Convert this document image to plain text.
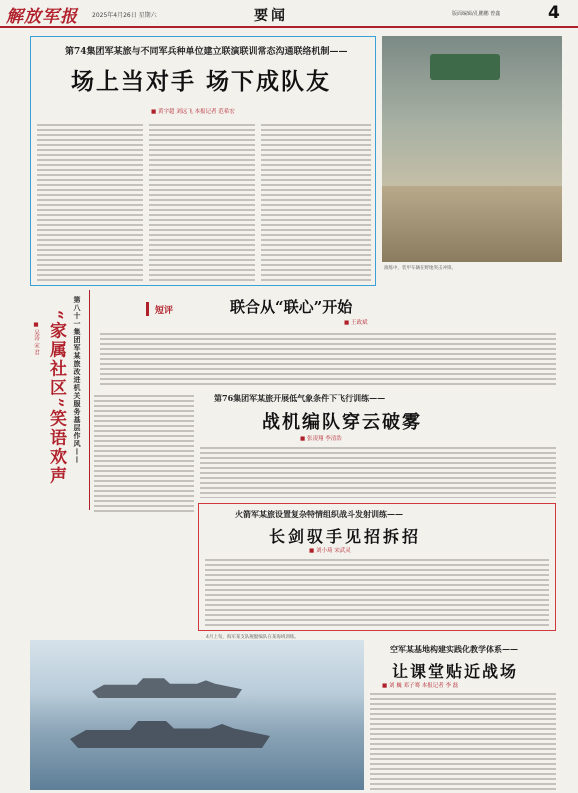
解放军报 2025年4月26日 星期六	要闻	版面编辑/孔鹏鹏 曾鑫	4
第74集团军某旅与不同军兵种单位建立联演联训常态沟通联络机制——
场上当对手 场下成队友
■ 黄宇超 刘远飞 本报记者 范希宏
演练中，装甲车辆在野地突击冲锋。
短评	联合从“联心”开始
■ 王政斌
第八十一集团军某旅改进机关服务基层作风——
“家属社区”笑语欢声
■ 吴涛 宋 君
第76集团军某旅开展低气象条件下飞行训练——
战机编队穿云破雾
■ 张凌翔 李清浩
火箭军某旅设置复杂特情组织战斗发射训练——
长剑驭手见招拆招
■ 刘小琦 宋武灵
4月上旬，海军某支队舰艇编队在某海域训练。
空军某基地构建实践化教学体系——
让课堂贴近战场
■ 刘 巍 邓子骞 本报记者 李 磊
